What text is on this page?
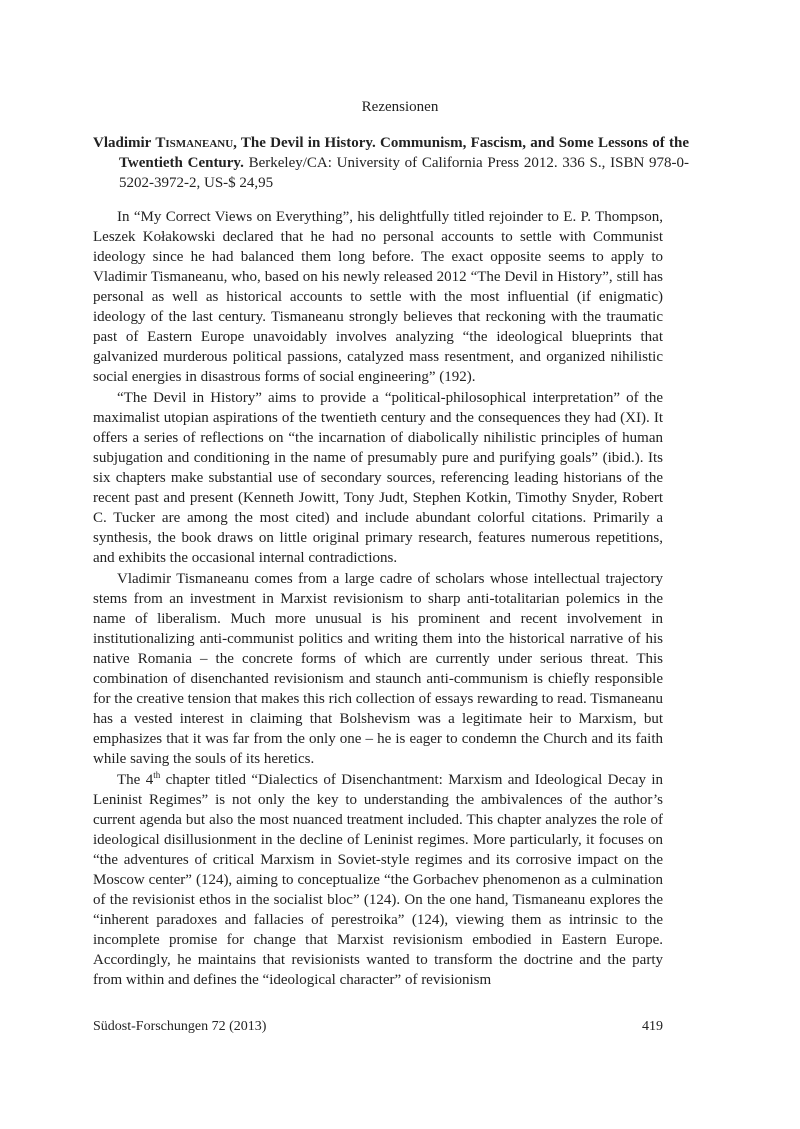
Rezensionen
Vladimir Tismaneanu, The Devil in History. Communism, Fascism, and Some Lessons of the Twentieth Century. Berkeley/CA: University of California Press 2012. 336 S., ISBN 978-0-5202-3972-2, US-$ 24,95

In “My Correct Views on Everything”, his delightfully titled rejoinder to E. P. Thompson, Leszek Kołakowski declared that he had no personal accounts to settle with Communist ideology since he had balanced them long before. The exact opposite seems to apply to Vladimir Tismaneanu, who, based on his newly released 2012 “The Devil in History”, still has personal as well as historical accounts to settle with the most influential (if enigmatic) ideology of the last century. Tismaneanu strongly believes that reckoning with the traumatic past of Eastern Europe unavoidably involves analyzing “the ideological blueprints that galvanized murderous political passions, catalyzed mass resentment, and organized nihilistic social energies in disastrous forms of social engineering” (192).

“The Devil in History” aims to provide a “political-philosophical interpretation” of the maximalist utopian aspirations of the twentieth century and the consequences they had (XI). It offers a series of reflections on “the incarnation of diabolically nihilistic principles of human subjugation and conditioning in the name of presumably pure and purifying goals” (ibid.). Its six chapters make substantial use of secondary sources, referencing leading historians of the recent past and present (Kenneth Jowitt, Tony Judt, Stephen Kotkin, Timothy Snyder, Robert C. Tucker are among the most cited) and include abundant colorful citations. Primarily a synthesis, the book draws on little original primary research, features numerous repetitions, and exhibits the occasional internal contradictions.

Vladimir Tismaneanu comes from a large cadre of scholars whose intellectual trajectory stems from an investment in Marxist revisionism to sharp anti-totalitarian polemics in the name of liberalism. Much more unusual is his prominent and recent involvement in institutionalizing anti-communist politics and writing them into the historical narrative of his native Romania – the concrete forms of which are currently under serious threat. This combination of disenchanted revisionism and staunch anti-communism is chiefly responsible for the creative tension that makes this rich collection of essays rewarding to read. Tismaneanu has a vested interest in claiming that Bolshevism was a legitimate heir to Marxism, but emphasizes that it was far from the only one – he is eager to condemn the Church and its faith while saving the souls of its heretics.

The 4th chapter titled “Dialectics of Disenchantment: Marxism and Ideological Decay in Leninist Regimes” is not only the key to understanding the ambivalences of the author’s current agenda but also the most nuanced treatment included. This chapter analyzes the role of ideological disillusionment in the decline of Leninist regimes. More particularly, it focuses on “the adventures of critical Marxism in Soviet-style regimes and its corrosive impact on the Moscow center” (124), aiming to conceptualize “the Gorbachev phenomenon as a culmination of the revisionist ethos in the socialist bloc” (124). On the one hand, Tismaneanu explores the “inherent paradoxes and fallacies of perestroika” (124), viewing them as intrinsic to the incomplete promise for change that Marxist revisionism embodied in Eastern Europe. Accordingly, he maintains that revisionists wanted to transform the doctrine and the party from within and defines the “ideological character” of revisionism

Südost-Forschungen 72 (2013)	419
